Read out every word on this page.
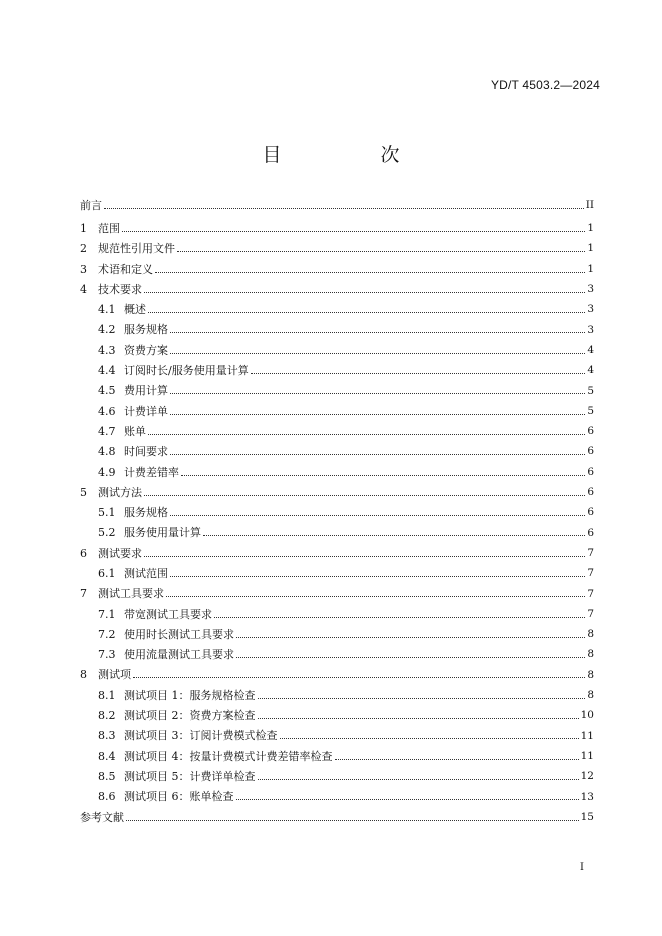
YD/T 4503.2—2024
目　次
前言	II
1	范围	1
2	规范性引用文件	1
3	术语和定义	1
4	技术要求	3
4.1 概述	3
4.2 服务规格	3
4.3 资费方案	4
4.4 订阅时长/服务使用量计算	4
4.5 费用计算	5
4.6 计费详单	5
4.7 账单	6
4.8 时间要求	6
4.9 计费差错率	6
5	测试方法	6
5.1 服务规格	6
5.2 服务使用量计算	6
6	测试要求	7
6.1 测试范围	7
7	测试工具要求	7
7.1 带宽测试工具要求	7
7.2 使用时长测试工具要求	8
7.3 使用流量测试工具要求	8
8	测试项	8
8.1 测试项目 1：服务规格检查	8
8.2 测试项目 2：资费方案检查	10
8.3 测试项目 3：订阅计费模式检查	11
8.4 测试项目 4：按量计费模式计费差错率检查	11
8.5 测试项目 5：计费详单检查	12
8.6 测试项目 6：账单检查	13
参考文献	15
I
